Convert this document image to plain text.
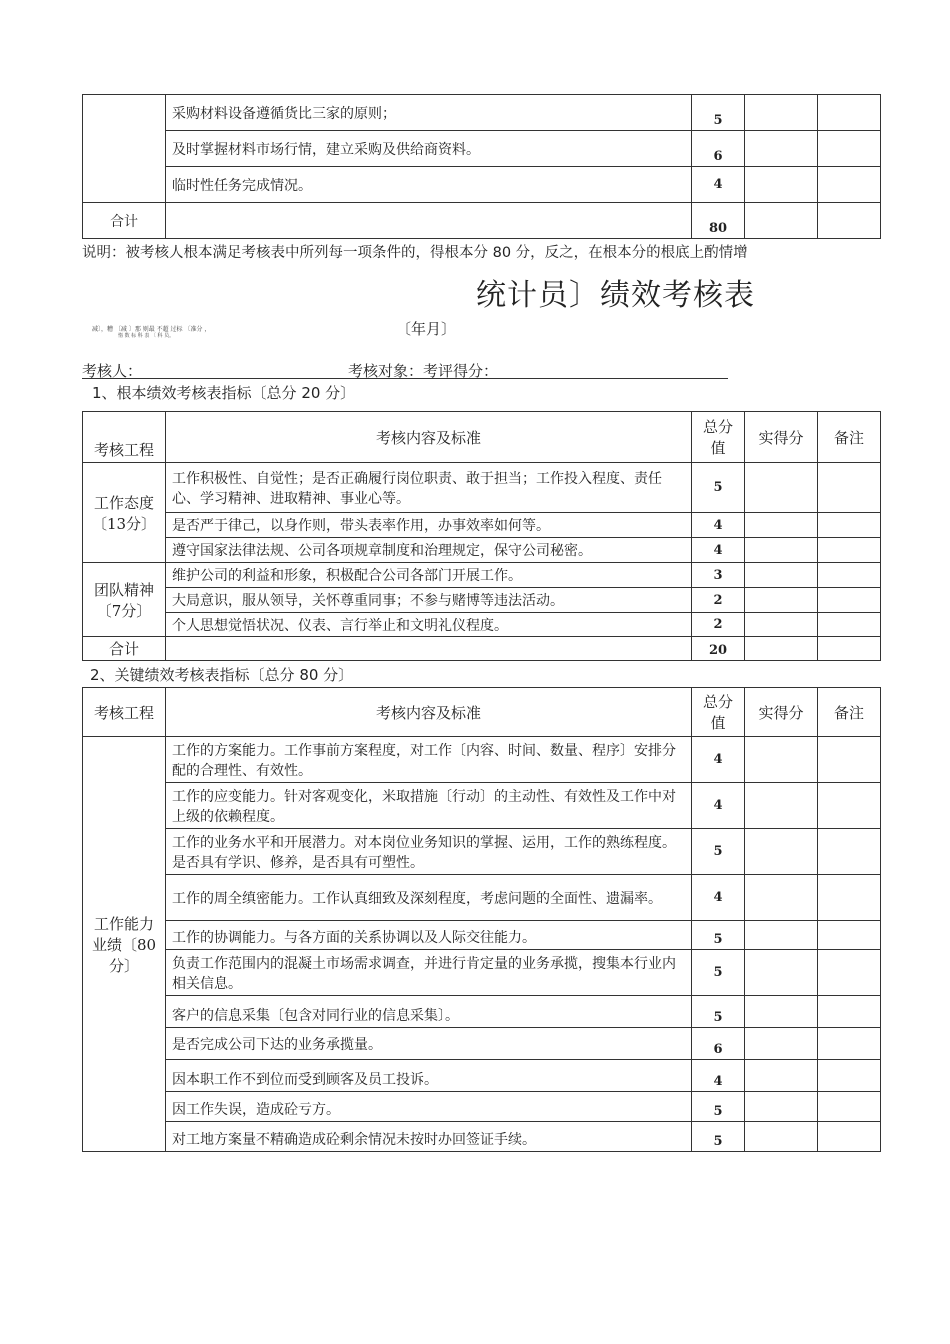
	采购材料设备遵循货比三家的原则；	5		
	及时掌握材料市场行情，建立采购及供给商资料。	6		
	临时性任务完成情况。	4		
合计		80		
说明：被考核人根本满足考核表中所列每一项条件的，得根本分 80 分，反之，在根本分的根底上酌情增
统计员〕绩效考核表
减〕，糟 〔减 〕那 则最 不超 过标 〔准分 ，
惰 数 标 科 表 〔 科 员。	〔年月〕
考核人：	考核对象：考评得分：
1、根本绩效考核表指标〔总分 20 分〕
考核工程	考核内容及标准	总分值	实得分	备注
工作态度〔13分〕	工作积极性、自觉性；是否正确履行岗位职责、敢于担当；工作投入程度、责任心、学习精神、进取精神、事业心等。	5		
	是否严于律己，以身作则，带头表率作用，办事效率如何等。	4		
	遵守国家法律法规、公司各项规章制度和治理规定，保守公司秘密。	4		
团队精神〔7分〕	维护公司的利益和形象，积极配合公司各部门开展工作。	3		
	大局意识，服从领导，关怀尊重同事；不参与赌博等违法活动。	2		
	个人思想觉悟状况、仪表、言行举止和文明礼仪程度。	2		
合计		20		
2、关键绩效考核表指标〔总分 80 分〕
考核工程	考核内容及标准	总分值	实得分	备注
工作能力业绩〔80分〕	工作的方案能力。工作事前方案程度，对工作〔内容、时间、数量、程序〕安排分配的合理性、有效性。	4		
	工作的应变能力。针对客观变化，米取措施〔行动〕的主动性、有效性及工作中对上级的依赖程度。	4		
	工作的业务水平和开展潜力。对本岗位业务知识的掌握、运用，工作的熟练程度。是否具有学识、修养，是否具有可塑性。	5		
	工作的周全缜密能力。工作认真细致及深刻程度，考虑问题的全面性、遗漏率。	4		
	工作的协调能力。与各方面的关系协调以及人际交往能力。	5		
	负责工作范围内的混凝土市场需求调查，并进行肯定量的业务承揽，搜集本行业内相关信息。	5		
	客户的信息采集〔包含对同行业的信息采集〕。	5		
	是否完成公司下达的业务承揽量。	6		
	因本职工作不到位而受到顾客及员工投诉。	4		
	因工作失误，造成砼亏方。	5		
	对工地方案量不精确造成砼剩余情况未按时办回签证手续。	5		
